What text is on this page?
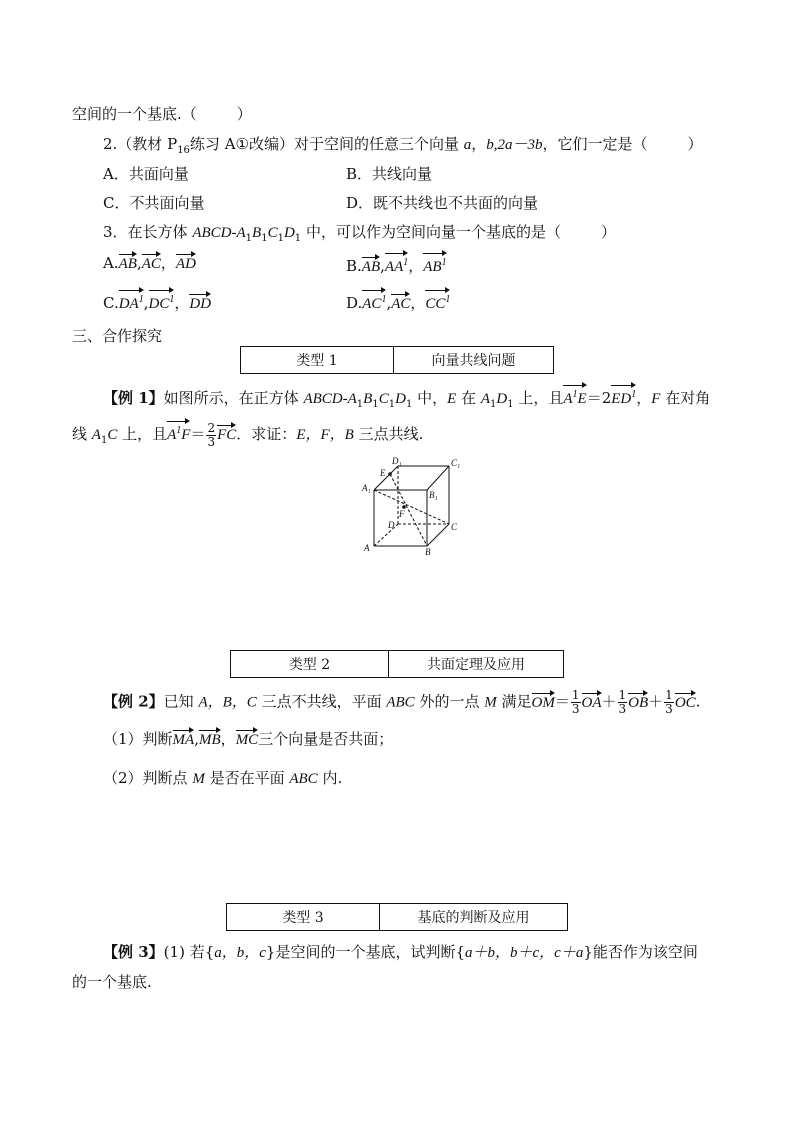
空间的一个基底.（	）
2.（教材 $P_{16}$练习 A①改编）对于空间的任意三个向量 a，b,2a－3b，它们一定是（	）
A．共面向量	B．共线向量
C．不共面向量	D．既不共线也不共面的向量
3．在长方体 ABCD-$A_1B_1C_1D_1$ 中，可以作为空间向量一个基底的是（	）
A.AB,AC，AD	$B.AB,AA^1$，$AB^1$
$C.DA^1,DC^1$，DD	$D.AC^1,AC$，$CC^1$
三、合作探究
类型 1	向量共线问题
【例 1】如图所示，在正方体 ABCD-$A_1B_1C_1D_1$ 中，E 在 $A_1D_1$ 上，且$A^1E=2ED^1$，F 在对角
线 $A_1C$ 上，且$A^1F= \frac{2}{3}$ FC．求证：E，F，B 三点共线.
D₁	C₁
E
A₁
B₁
F
D	C
A	B
类型 2	共面定理及应用
【例 2】已知 A，B，C 三点不共线，平面 ABC 外的一点 M 满足$OM= \frac{1}{3} OA+ \frac{1}{3} OB+ \frac{1}{3}$ OC.
（1）判断MA,MB，MC三个向量是否共面；
（2）判断点 M 是否在平面 ABC 内.
类型 3	基底的判断及应用
【例 3】(1) 若{a，b，c}是空间的一个基底，试判断{a＋b，b＋c，c＋a}能否作为该空间
的一个基底.
